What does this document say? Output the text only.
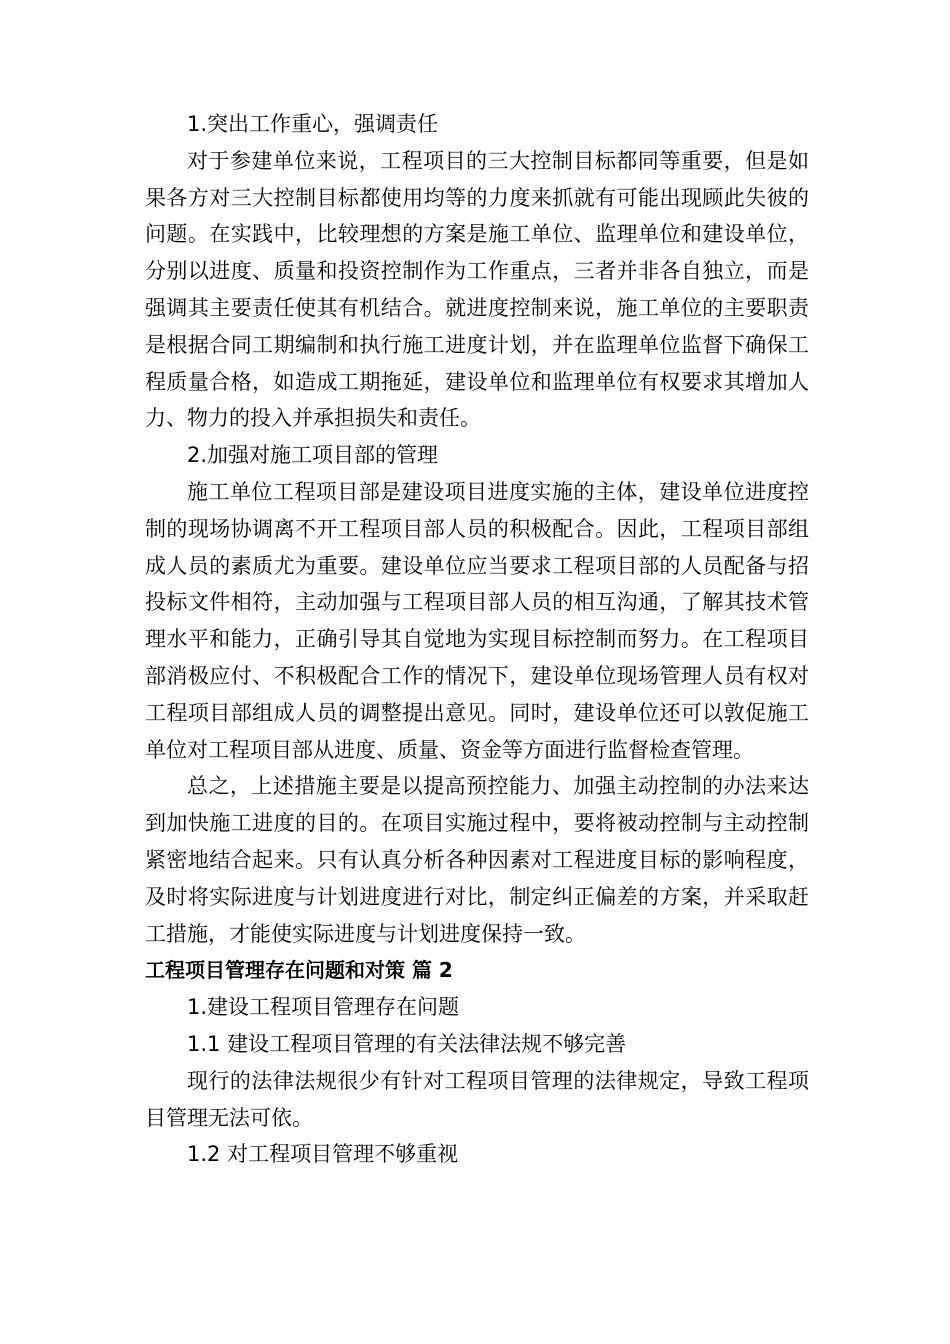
1.突出工作重心，强调责任

对于参建单位来说，工程项目的三大控制目标都同等重要，但是如果各方对三大控制目标都使用均等的力度来抓就有可能出现顾此失彼的问题。在实践中，比较理想的方案是施工单位、监理单位和建设单位，分别以进度、质量和投资控制作为工作重点，三者并非各自独立，而是强调其主要责任使其有机结合。就进度控制来说，施工单位的主要职责是根据合同工期编制和执行施工进度计划，并在监理单位监督下确保工程质量合格，如造成工期拖延，建设单位和监理单位有权要求其增加人力、物力的投入并承担损失和责任。

2.加强对施工项目部的管理

施工单位工程项目部是建设项目进度实施的主体，建设单位进度控制的现场协调离不开工程项目部人员的积极配合。因此，工程项目部组成人员的素质尤为重要。建设单位应当要求工程项目部的人员配备与招投标文件相符，主动加强与工程项目部人员的相互沟通，了解其技术管理水平和能力，正确引导其自觉地为实现目标控制而努力。在工程项目部消极应付、不积极配合工作的情况下，建设单位现场管理人员有权对工程项目部组成人员的调整提出意见。同时，建设单位还可以敦促施工单位对工程项目部从进度、质量、资金等方面进行监督检查管理。

总之，上述措施主要是以提高预控能力、加强主动控制的办法来达到加快施工进度的目的。在项目实施过程中，要将被动控制与主动控制紧密地结合起来。只有认真分析各种因素对工程进度目标的影响程度，及时将实际进度与计划进度进行对比，制定纠正偏差的方案，并采取赶工措施，才能使实际进度与计划进度保持一致。

工程项目管理存在问题和对策 篇 2

1.建设工程项目管理存在问题

1.1 建设工程项目管理的有关法律法规不够完善

现行的法律法规很少有针对工程项目管理的法律规定，导致工程项目管理无法可依。

1.2 对工程项目管理不够重视
